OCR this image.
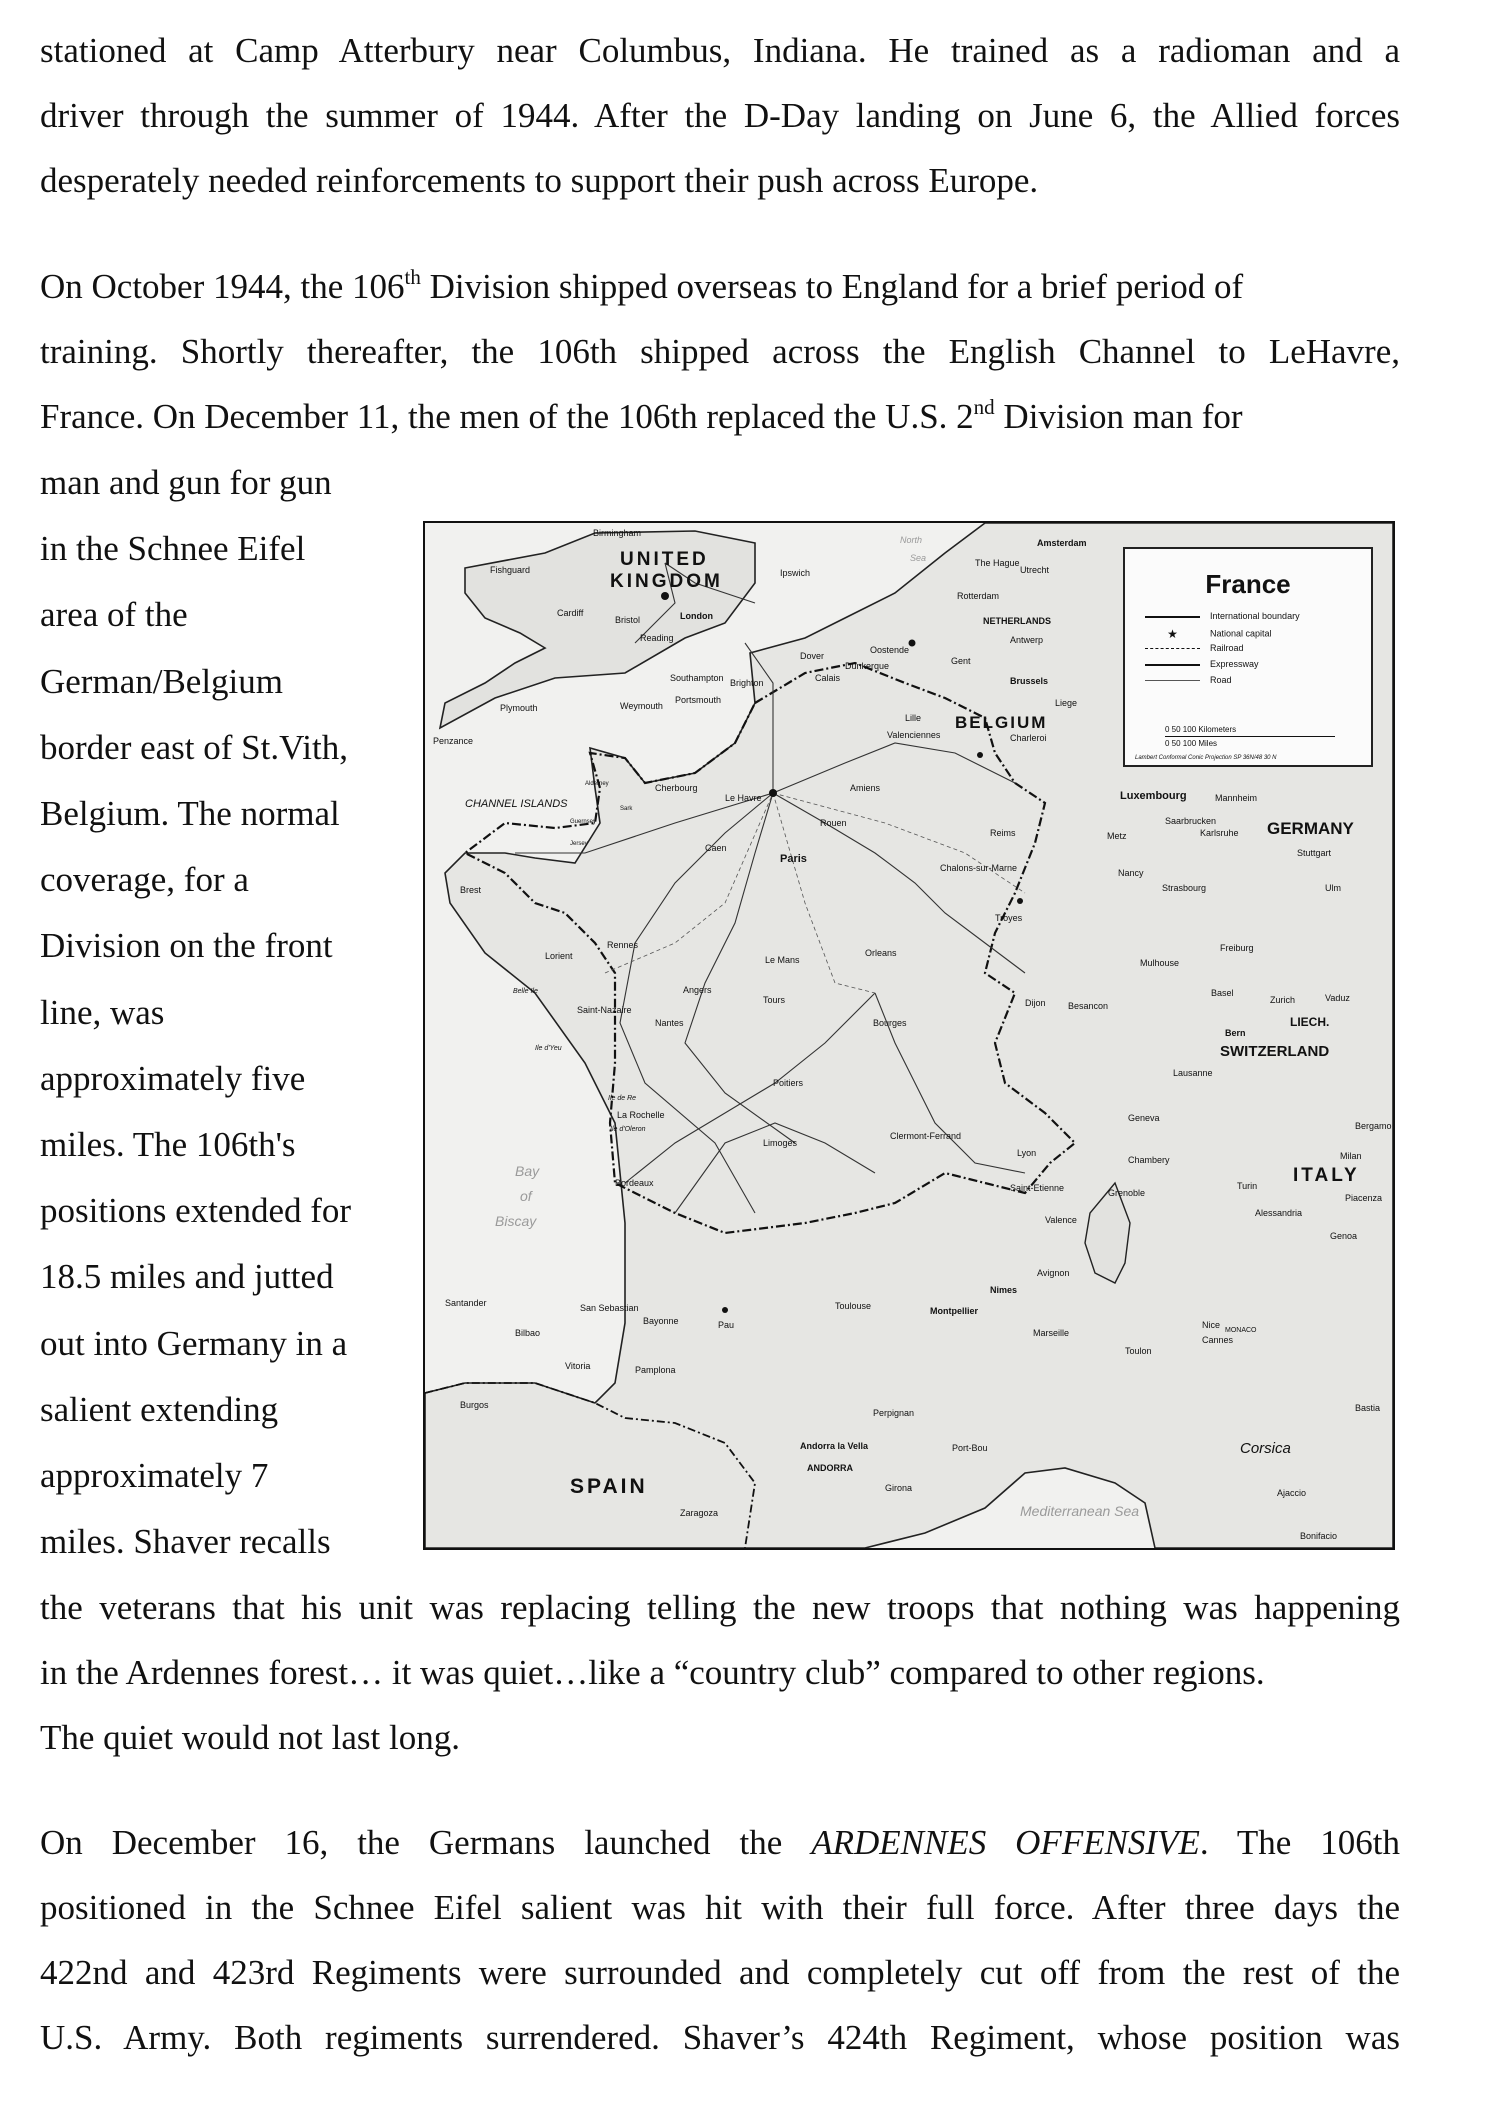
stationed at Camp Atterbury near Columbus, Indiana. He trained as a radioman and a
driver through the summer of 1944. After the D-Day landing on June 6, the Allied forces
desperately needed reinforcements to support their push across Europe.
On October 1944, the 106th Division shipped overseas to England for a brief period of
training. Shortly thereafter, the 106th shipped across the English Channel to LeHavre,
France. On December 11, the men of the 106th replaced the U.S. 2nd Division man for
man and gun for gun
in the Schnee Eifel
area of the
German/Belgium
border east of St.Vith,
Belgium. The normal
coverage, for a
Division on the front
line, was
approximately five
miles. The 106th's
positions extended for
18.5 miles and jutted
out into Germany in a
salient extending
approximately 7
miles. Shaver recalls
the veterans that his unit was replacing telling the new troops that nothing was happening
in the Ardennes forest… it was quiet…like a “country club” compared to other regions.
The quiet would not last long.
France
International boundary
★	National capital
Railroad
Expressway
Road
0 50 100 Kilometers
0 50 100 Miles
Lambert Conformal Conic Projection SP 36N/48 30 N
UNITED
KINGDOM
BELGIUM
GERMANY
SWITZERLAND
ITALY
SPAIN
NETHERLANDS
Luxembourg
LIECH.
MONACO
ANDORRA
CHANNEL ISLANDS
Bay
of
Biscay
Mediterranean Sea
Corsica
North
Sea
Birmingham
Fishguard
Cardiff
Bristol	London
Reading
Ipswich
Southampton Brighton
Portsmouth
Weymouth
Plymouth
Penzance
Dover
Calais
Dunkerque
Oostende
Amsterdam
The Hague
Utrecht
Rotterdam
Antwerp
Gent
Brussels
Liege
Lille
Valenciennes	Charleroi
Cherbourg
Le Havre
Rouen
Caen
Amiens
Reims
Paris
Chalons-sur-Marne
Metz
Nancy
Strasbourg
Saarbrucken
Karlsruhe
Mannheim
Stuttgart
Ulm
Brest
Lorient
Rennes
Le Mans
Orleans
Troyes
Mulhouse
Freiburg
Basel
Zurich	Vaduz
Bern
Lausanne
Dijon Besancon
Angers
Tours
Saint-Nazaire
Nantes	Bourges
Poitiers
La Rochelle
Limoges
Clermont-Ferrand
Lyon
Saint-Etienne
Geneva
Chambery
Grenoble
Valence
Milan
Bergamo
Turin
Piacenza
Alessandria
Genoa
Bordeaux
Avignon
Nimes
Montpellier
Marseille
Toulon
Nice
Cannes
Toulouse
Bayonne	Pau
San Sebastian
Santander
Bilbao
Vitoria	Pamplona
Burgos
Zaragoza
Andorra la Vella
Perpignan
Port-Bou
Girona
Bastia
Ajaccio
Bonifacio
Belle Ile
Ile d'Yeu
Ile de Re
Ile d'Oleron
Guernsey
Jersey
Alderney
Sark
On December 16, the Germans launched the ARDENNES OFFENSIVE. The 106th
positioned in the Schnee Eifel salient was hit with their full force. After three days the
422nd and 423rd Regiments were surrounded and completely cut off from the rest of the
U.S. Army. Both regiments surrendered. Shaver’s 424th Regiment, whose position was
